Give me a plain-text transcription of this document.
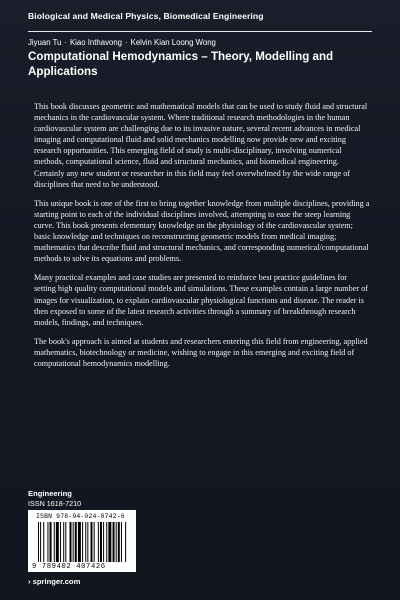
Biological and Medical Physics, Biomedical Engineering
Jiyuan Tu · Kiao Inthavong · Kelvin Kian Loong Wong
Computational Hemodynamics – Theory, Modelling and Applications

This book discusses geometric and mathematical models that can be used to study fluid and structural mechanics in the cardiovascular system. Where traditional research methodologies in the human cardiovascular system are challenging due to its invasive nature, several recent advances in medical imaging and computational fluid and solid mechanics modelling now provide new and exciting research opportunities. This emerging field of study is multi-disciplinary, involving numerical methods, computational science, fluid and structural mechanics, and biomedical engineering. Certainly any new student or researcher in this field may feel overwhelmed by the wide range of disciplines that need to be understood.

This unique book is one of the first to bring together knowledge from multiple disciplines, providing a starting point to each of the individual disciplines involved, attempting to ease the steep learning curve. This book presents elementary knowledge on the physiology of the cardiovascular system; basic knowledge and techniques on reconstructing geometric models from medical imaging; mathematics that describe fluid and structural mechanics, and corresponding numerical/computational methods to solve its equations and problems.

Many practical examples and case studies are presented to reinforce best practice guidelines for setting high quality computational models and simulations. These examples contain a large number of images for visualization, to explain cardiovascular physiological functions and disease. The reader is then exposed to some of the latest research activities through a summary of breakthrough research models, findings, and techniques.

The book's approach is aimed at students and researchers entering this field from engineering, applied mathematics, biotechnology or medicine, wishing to engage in this emerging and exciting field of computational hemodynamics modelling.

Engineering
ISSN 1618-7210
ISBN 978-94-024-0742-6
9 789402 407426
› springer.com
